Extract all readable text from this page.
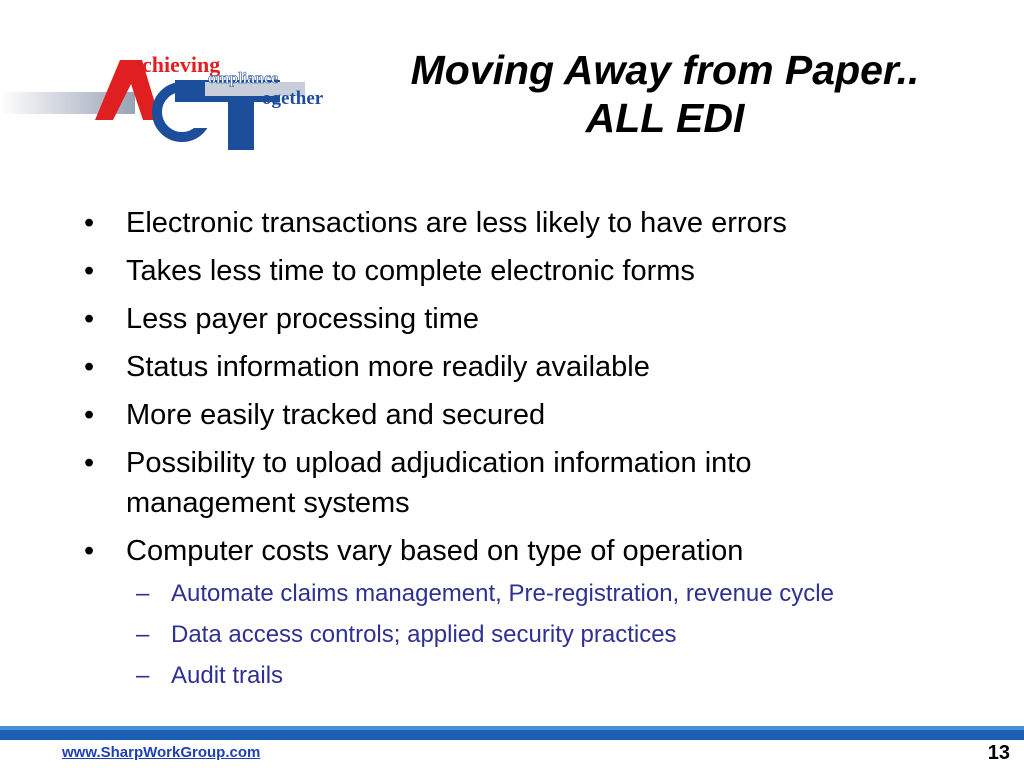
chieving
ompliance
ogether
Moving Away from Paper..
ALL EDI
•	Electronic transactions are less likely to have errors
•	Takes less time to complete electronic forms
•	Less payer processing time
•	Status information more readily available
•	More easily tracked and secured
•	Possibility to upload adjudication information into management systems
•	Computer costs vary based on type of operation
– Automate claims management, Pre-registration, revenue cycle
– Data access controls; applied security practices
– Audit trails
www.SharpWorkGroup.com	13
